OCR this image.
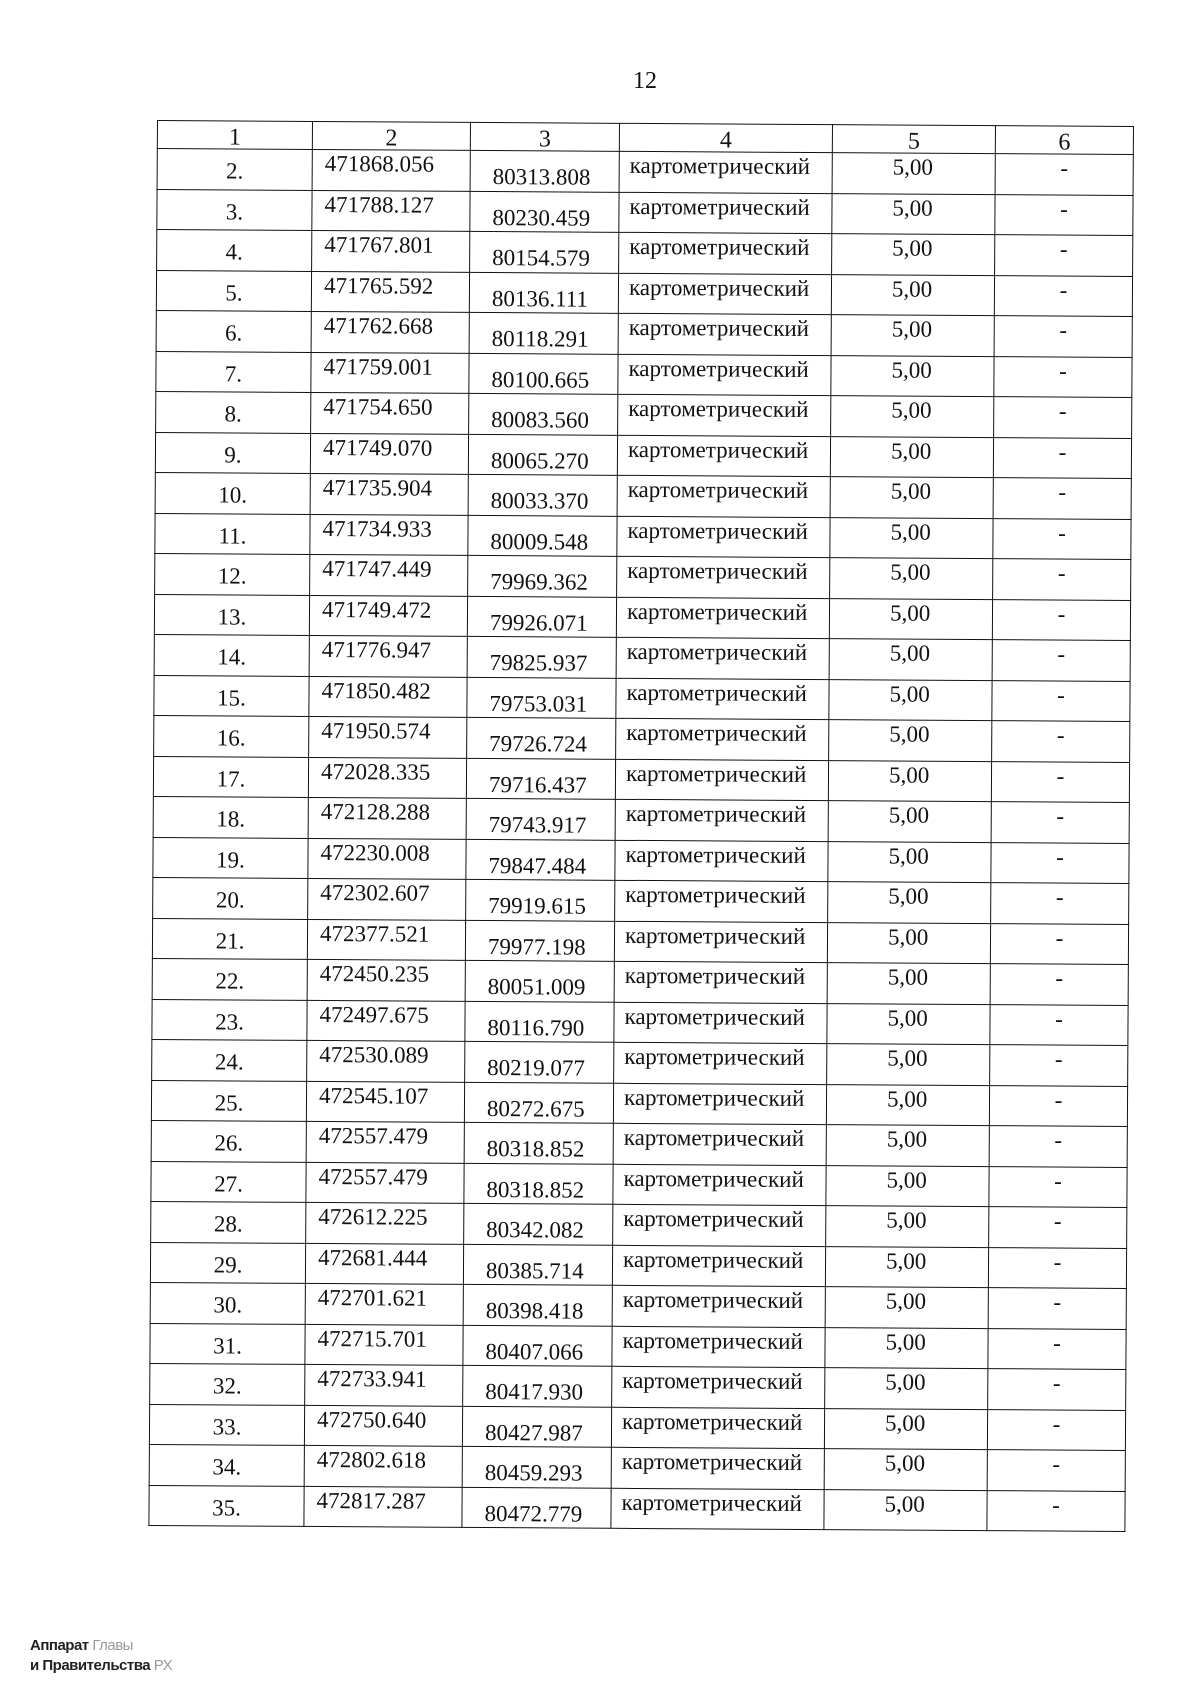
12
1	2	3	4	5	6
2.	471868.056	80313.808	картометрический	5,00	-
3.	471788.127	80230.459	картометрический	5,00	-
4.	471767.801	80154.579	картометрический	5,00	-
5.	471765.592	80136.111	картометрический	5,00	-
6.	471762.668	80118.291	картометрический	5,00	-
7.	471759.001	80100.665	картометрический	5,00	-
8.	471754.650	80083.560	картометрический	5,00	-
9.	471749.070	80065.270	картометрический	5,00	-
10.	471735.904	80033.370	картометрический	5,00	-
11.	471734.933	80009.548	картометрический	5,00	-
12.	471747.449	79969.362	картометрический	5,00	-
13.	471749.472	79926.071	картометрический	5,00	-
14.	471776.947	79825.937	картометрический	5,00	-
15.	471850.482	79753.031	картометрический	5,00	-
16.	471950.574	79726.724	картометрический	5,00	-
17.	472028.335	79716.437	картометрический	5,00	-
18.	472128.288	79743.917	картометрический	5,00	-
19.	472230.008	79847.484	картометрический	5,00	-
20.	472302.607	79919.615	картометрический	5,00	-
21.	472377.521	79977.198	картометрический	5,00	-
22.	472450.235	80051.009	картометрический	5,00	-
23.	472497.675	80116.790	картометрический	5,00	-
24.	472530.089	80219.077	картометрический	5,00	-
25.	472545.107	80272.675	картометрический	5,00	-
26.	472557.479	80318.852	картометрический	5,00	-
27.	472557.479	80318.852	картометрический	5,00	-
28.	472612.225	80342.082	картометрический	5,00	-
29.	472681.444	80385.714	картометрический	5,00	-
30.	472701.621	80398.418	картометрический	5,00	-
31.	472715.701	80407.066	картометрический	5,00	-
32.	472733.941	80417.930	картометрический	5,00	-
33.	472750.640	80427.987	картометрический	5,00	-
34.	472802.618	80459.293	картометрический	5,00	-
35.	472817.287	80472.779	картометрический	5,00	-
Аппарат Главы
и Правительства РХ
